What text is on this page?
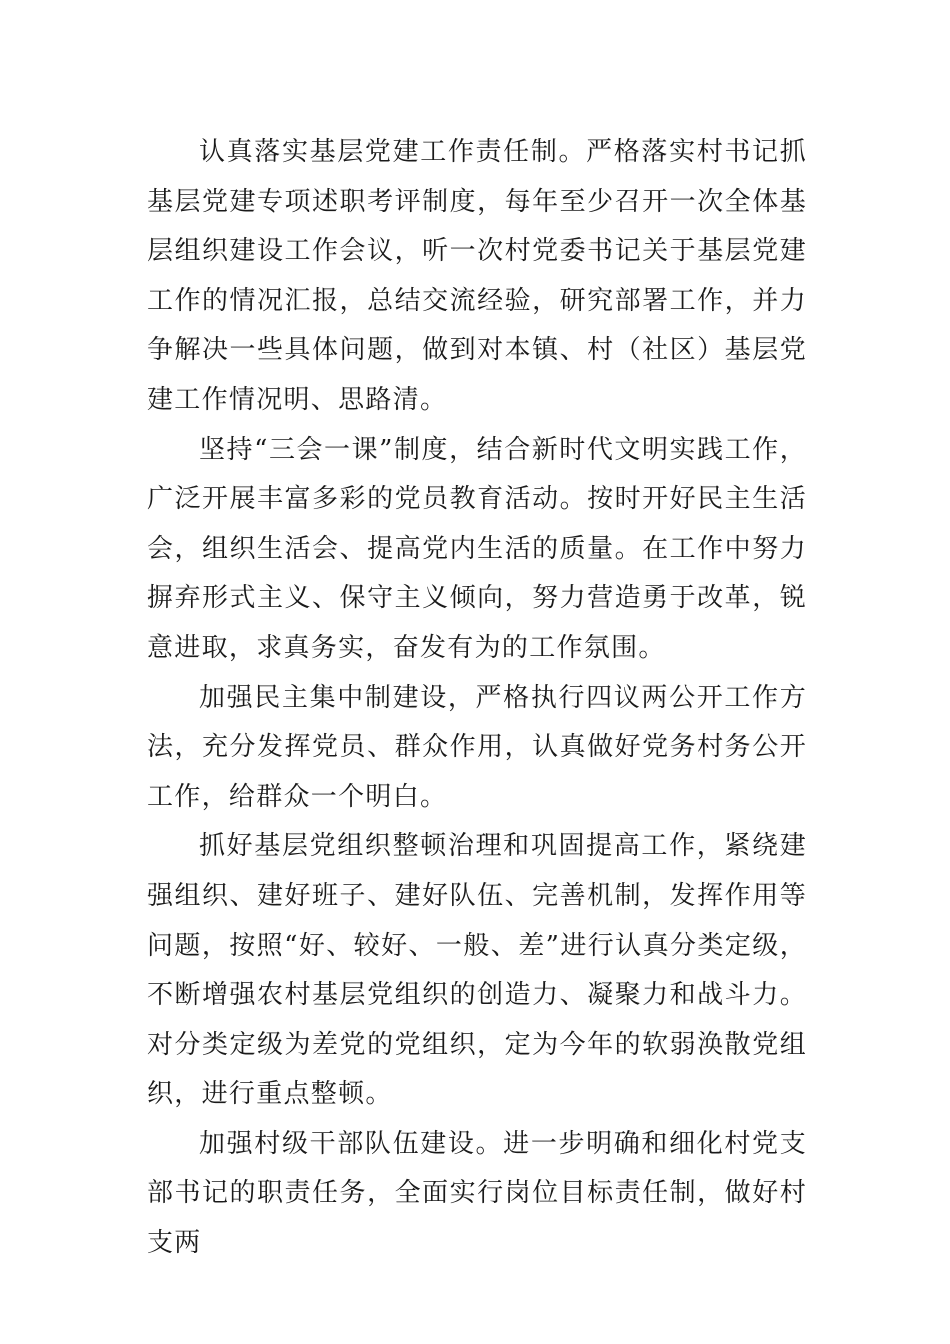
认真落实基层党建工作责任制。严格落实村书记抓基层党建专项述职考评制度，每年至少召开一次全体基层组织建设工作会议，听一次村党委书记关于基层党建工作的情况汇报，总结交流经验，研究部署工作，并力争解决一些具体问题，做到对本镇、村（社区）基层党建工作情况明、思路清。

坚持“三会一课”制度，结合新时代文明实践工作，广泛开展丰富多彩的党员教育活动。按时开好民主生活会，组织生活会、提高党内生活的质量。在工作中努力摒弃形式主义、保守主义倾向，努力营造勇于改革，锐意进取，求真务实，奋发有为的工作氛围。

加强民主集中制建设，严格执行四议两公开工作方法，充分发挥党员、群众作用，认真做好党务村务公开工作，给群众一个明白。

抓好基层党组织整顿治理和巩固提高工作，紧绕建强组织、建好班子、建好队伍、完善机制，发挥作用等问题，按照“好、较好、一般、差”进行认真分类定级，不断增强农村基层党组织的创造力、凝聚力和战斗力。对分类定级为差党的党组织，定为今年的软弱涣散党组织，进行重点整顿。

加强村级干部队伍建设。进一步明确和细化村党支部书记的职责任务，全面实行岗位目标责任制，做好村支两
